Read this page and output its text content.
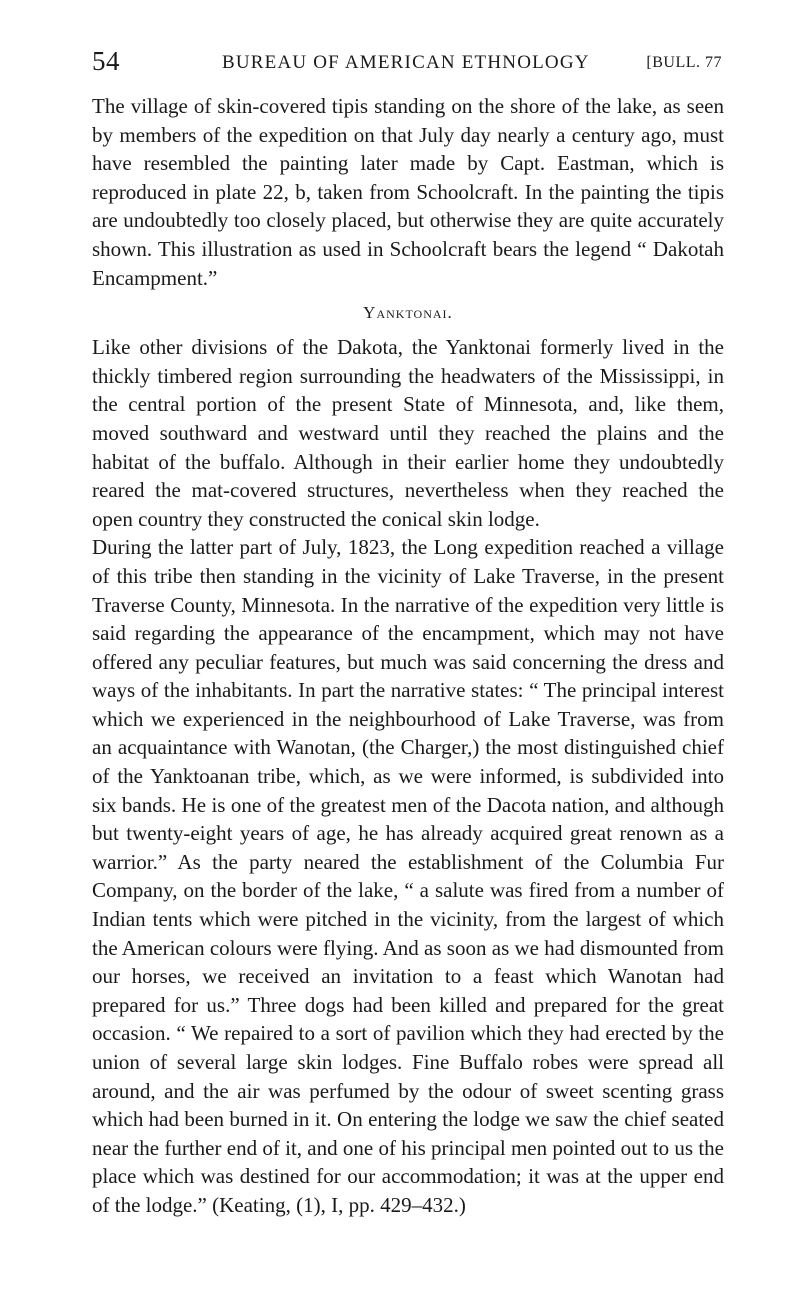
54	BUREAU OF AMERICAN ETHNOLOGY	[BULL. 77

The village of skin-covered tipis standing on the shore of the lake, as seen by members of the expedition on that July day nearly a century ago, must have resembled the painting later made by Capt. Eastman, which is reproduced in plate 22, b, taken from Schoolcraft. In the painting the tipis are undoubtedly too closely placed, but otherwise they are quite accurately shown. This illustration as used in Schoolcraft bears the legend “ Dakotah Encampment.”

Yanktonai.

Like other divisions of the Dakota, the Yanktonai formerly lived in the thickly timbered region surrounding the headwaters of the Mississippi, in the central portion of the present State of Minnesota, and, like them, moved southward and westward until they reached the plains and the habitat of the buffalo. Although in their earlier home they undoubtedly reared the mat-covered structures, nevertheless when they reached the open country they constructed the conical skin lodge.

During the latter part of July, 1823, the Long expedition reached a village of this tribe then standing in the vicinity of Lake Traverse, in the present Traverse County, Minnesota. In the narrative of the expedition very little is said regarding the appearance of the encampment, which may not have offered any peculiar features, but much was said concerning the dress and ways of the inhabitants. In part the narrative states: “ The principal interest which we experienced in the neighbourhood of Lake Traverse, was from an acquaintance with Wanotan, (the Charger,) the most distinguished chief of the Yanktoanan tribe, which, as we were informed, is subdivided into six bands. He is one of the greatest men of the Dacota nation, and although but twenty-eight years of age, he has already acquired great renown as a warrior.” As the party neared the establishment of the Columbia Fur Company, on the border of the lake, “ a salute was fired from a number of Indian tents which were pitched in the vicinity, from the largest of which the American colours were flying. And as soon as we had dismounted from our horses, we received an invitation to a feast which Wanotan had prepared for us.” Three dogs had been killed and prepared for the great occasion. “ We repaired to a sort of pavilion which they had erected by the union of several large skin lodges. Fine Buffalo robes were spread all around, and the air was perfumed by the odour of sweet scenting grass which had been burned in it. On entering the lodge we saw the chief seated near the further end of it, and one of his principal men pointed out to us the place which was destined for our accommodation; it was at the upper end of the lodge.” (Keating, (1), I, pp. 429–432.)
